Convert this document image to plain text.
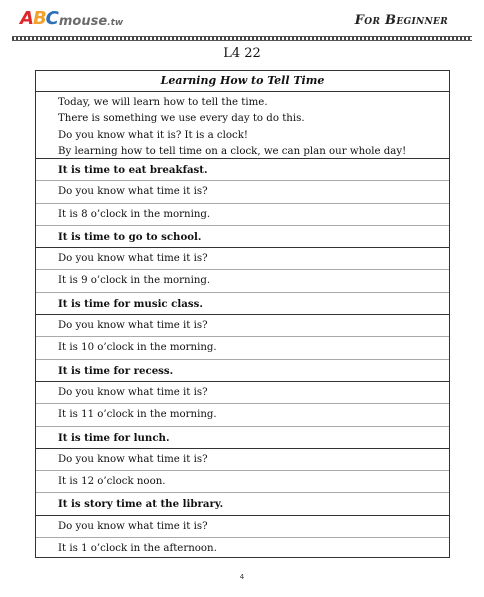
A B C mouse .tw	For Beginner
L4 22
Learning How to Tell Time
Today, we will learn how to tell the time.
There is something we use every day to do this.
Do you know what it is? It is a clock!
By learning how to tell time on a clock, we can plan our whole day!
It is time to eat breakfast.
Do you know what time it is?
It is 8 o’clock in the morning.
It is time to go to school.
Do you know what time it is?
It is 9 o’clock in the morning.
It is time for music class.
Do you know what time it is?
It is 10 o’clock in the morning.
It is time for recess.
Do you know what time it is?
It is 11 o’clock in the morning.
It is time for lunch.
Do you know what time it is?
It is 12 o’clock noon.
It is story time at the library.
Do you know what time it is?
It is 1 o’clock in the afternoon.
4
